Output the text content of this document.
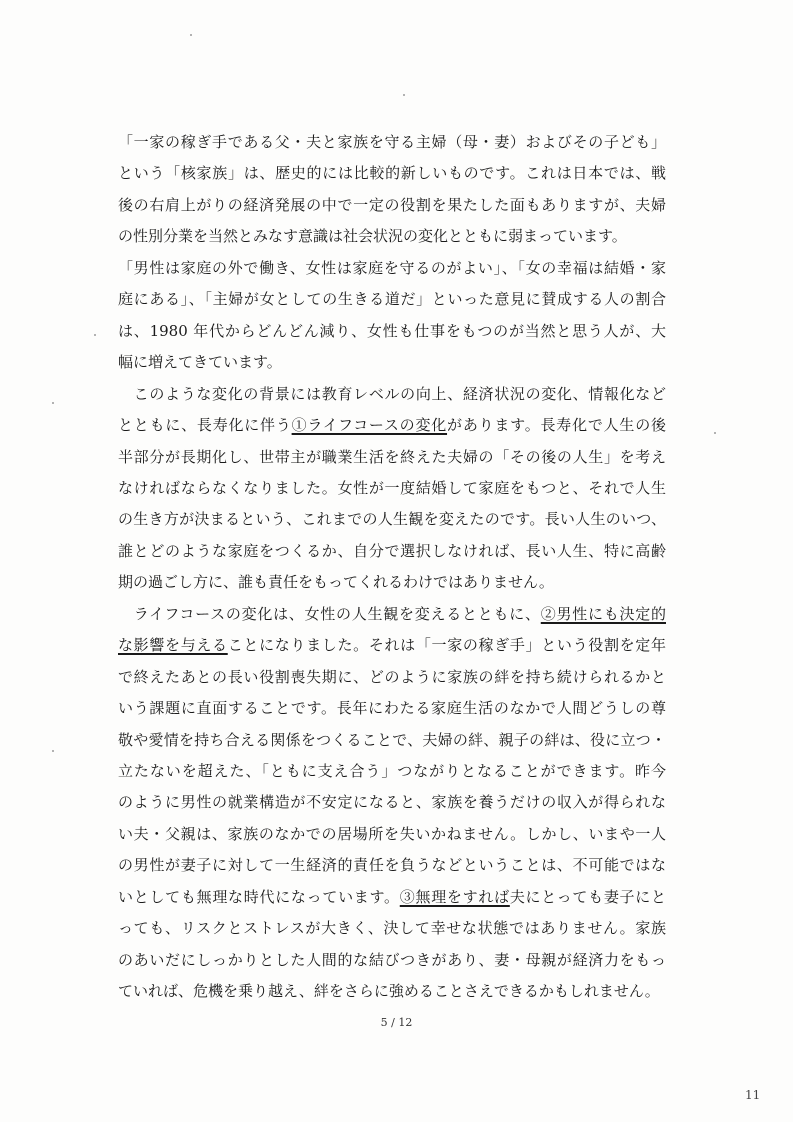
「一家の稼ぎ手である父・夫と家族を守る主婦（母・妻）およびその子ども」
という「核家族」は、歴史的には比較的新しいものです。これは日本では、戦
後の右肩上がりの経済発展の中で一定の役割を果たした面もありますが、夫婦
の性別分業を当然とみなす意識は社会状況の変化とともに弱まっています。
「男性は家庭の外で働き、女性は家庭を守るのがよい」、「女の幸福は結婚・家
庭にある」、「主婦が女としての生きる道だ」といった意見に賛成する人の割合
は、1980 年代からどんどん減り、女性も仕事をもつのが当然と思う人が、大
幅に増えてきています。
　このような変化の背景には教育レベルの向上、経済状況の変化、情報化など
とともに、長寿化に伴う①ライフコースの変化があります。長寿化で人生の後
半部分が長期化し、世帯主が職業生活を終えた夫婦の「その後の人生」を考え
なければならなくなりました。女性が一度結婚して家庭をもつと、それで人生
の生き方が決まるという、これまでの人生観を変えたのです。長い人生のいつ、
誰とどのような家庭をつくるか、自分で選択しなければ、長い人生、特に高齢
期の過ごし方に、誰も責任をもってくれるわけではありません。
　ライフコースの変化は、女性の人生観を変えるとともに、②男性にも決定的
な影響を与えることになりました。それは「一家の稼ぎ手」という役割を定年
で終えたあとの長い役割喪失期に、どのように家族の絆を持ち続けられるかと
いう課題に直面することです。長年にわたる家庭生活のなかで人間どうしの尊
敬や愛情を持ち合える関係をつくることで、夫婦の絆、親子の絆は、役に立つ・
立たないを超えた、「ともに支え合う」つながりとなることができます。昨今
のように男性の就業構造が不安定になると、家族を養うだけの収入が得られな
い夫・父親は、家族のなかでの居場所を失いかねません。しかし、いまや一人
の男性が妻子に対して一生経済的責任を負うなどということは、不可能ではな
いとしても無理な時代になっています。③無理をすれば夫にとっても妻子にと
っても、リスクとストレスが大きく、決して幸せな状態ではありません。家族
のあいだにしっかりとした人間的な結びつきがあり、妻・母親が経済力をもっ
ていれば、危機を乗り越え、絆をさらに強めることさえできるかもしれません。
5 / 12
11
